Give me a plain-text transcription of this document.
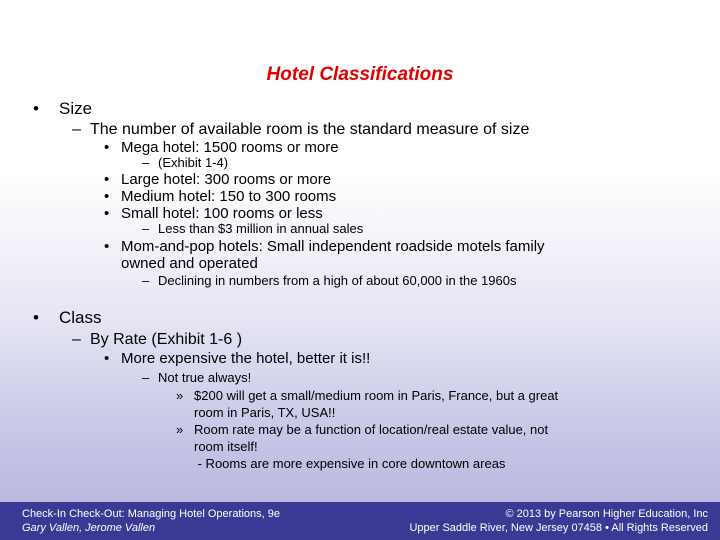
Hotel Classifications
• Size
– The number of available room is the standard measure of size
• Mega hotel: 1500 rooms or more
– (Exhibit 1-4)
• Large hotel: 300 rooms or more
• Medium hotel: 150 to 300 rooms
• Small hotel: 100 rooms or less
– Less than $3 million in annual sales
• Mom-and-pop hotels: Small independent roadside motels family
owned and operated
– Declining in numbers from a high of about 60,000 in the 1960s
• Class
– By Rate (Exhibit 1-6 )
• More expensive the hotel, better it is!!
– Not true always!
» $200 will get a small/medium room in Paris, France, but a great
room in Paris, TX, USA!!
» Room rate may be a function of location/real estate value, not
room itself!
- Rooms are more expensive in core downtown areas
Check-In Check-Out: Managing Hotel Operations, 9e
Gary Vallen, Jerome Vallen
© 2013 by Pearson Higher Education, Inc
Upper Saddle River, New Jersey 07458 • All Rights Reserved
